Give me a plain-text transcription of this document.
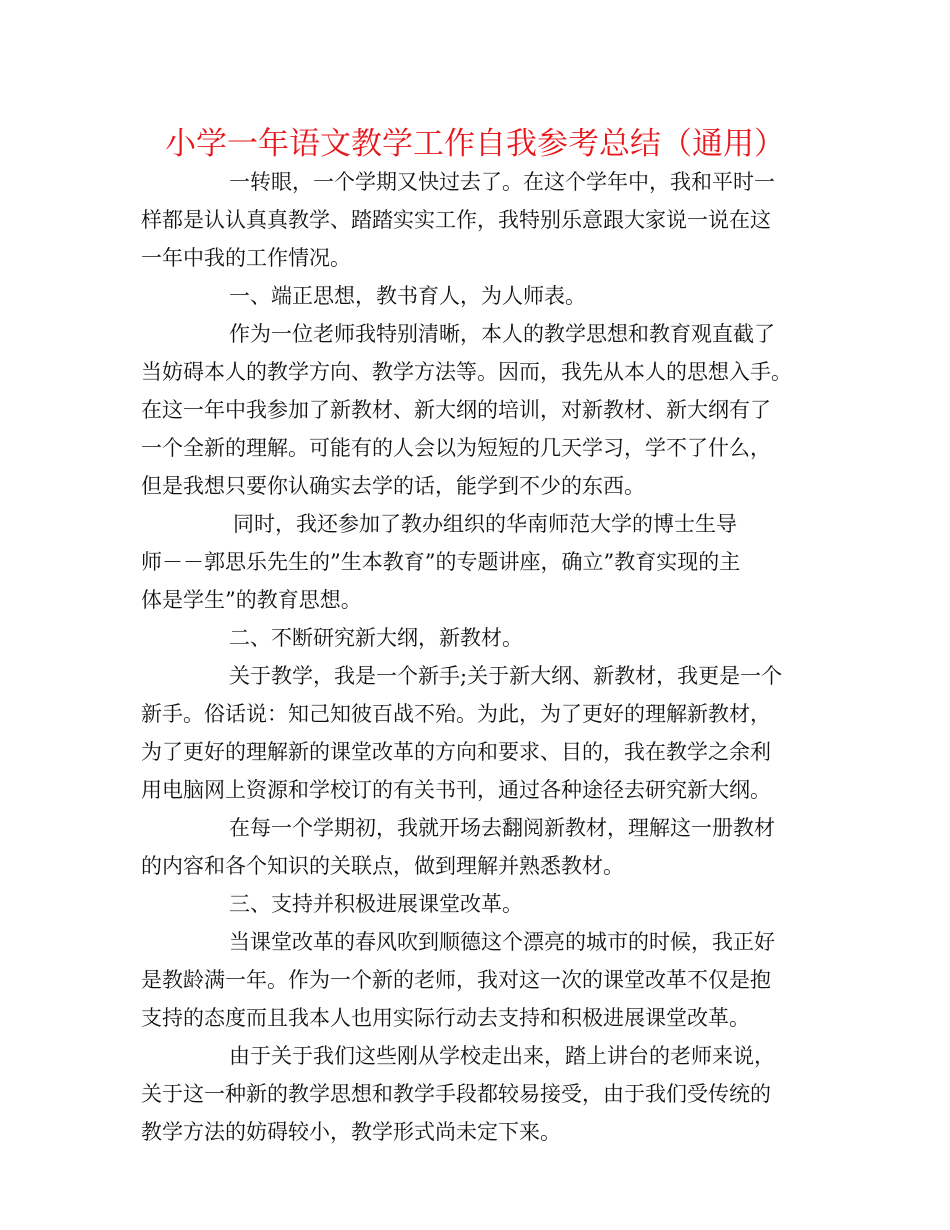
小学一年语文教学工作自我参考总结（通用）
一转眼，一个学期又快过去了。在这个学年中，我和平时一
样都是认认真真教学、踏踏实实工作，我特别乐意跟大家说一说在这
一年中我的工作情况。
一、端正思想，教书育人，为人师表。
作为一位老师我特别清晰，本人的教学思想和教育观直截了
当妨碍本人的教学方向、教学方法等。因而，我先从本人的思想入手。
在这一年中我参加了新教材、新大纲的培训，对新教材、新大纲有了
一个全新的理解。可能有的人会以为短短的几天学习，学不了什么，
但是我想只要你认确实去学的话，能学到不少的东西。
同时，我还参加了教办组织的华南师范大学的博士生导
师－－郭思乐先生的”生本教育”的专题讲座，确立”教育实现的主
体是学生”的教育思想。
二、不断研究新大纲，新教材。
关于教学，我是一个新手;关于新大纲、新教材，我更是一个
新手。俗话说：知己知彼百战不殆。为此，为了更好的理解新教材，
为了更好的理解新的课堂改革的方向和要求、目的，我在教学之余利
用电脑网上资源和学校订的有关书刊，通过各种途径去研究新大纲。
在每一个学期初，我就开场去翻阅新教材，理解这一册教材
的内容和各个知识的关联点，做到理解并熟悉教材。
三、支持并积极进展课堂改革。
当课堂改革的春风吹到顺德这个漂亮的城市的时候，我正好
是教龄满一年。作为一个新的老师，我对这一次的课堂改革不仅是抱
支持的态度而且我本人也用实际行动去支持和积极进展课堂改革。
由于关于我们这些刚从学校走出来，踏上讲台的老师来说，
关于这一种新的教学思想和教学手段都较易接受，由于我们受传统的
教学方法的妨碍较小，教学形式尚未定下来。
